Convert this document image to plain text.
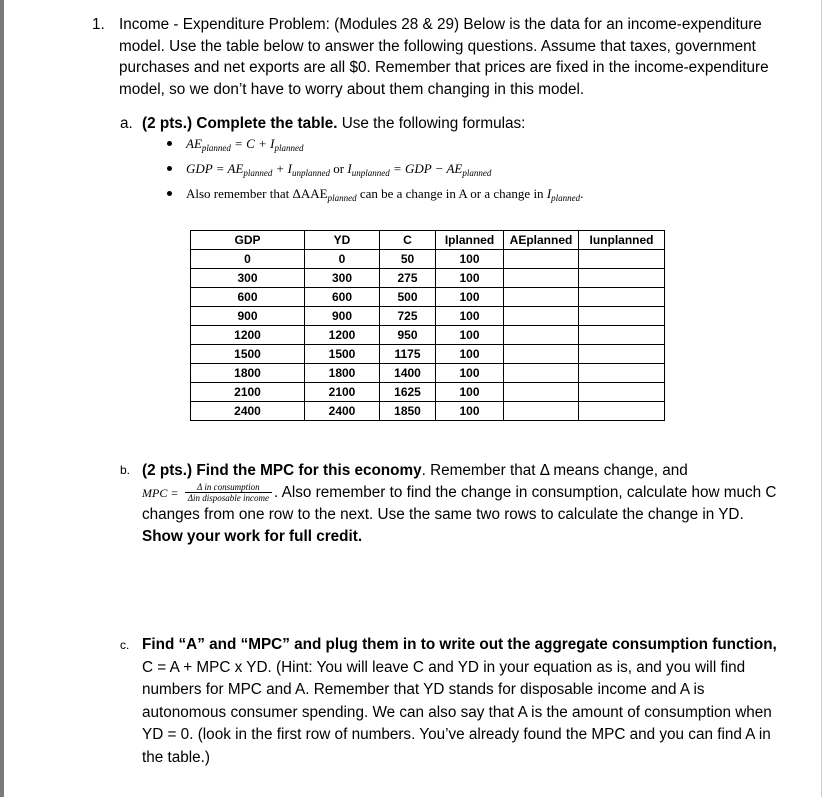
1. Income - Expenditure Problem: (Modules 28 & 29) Below is the data for an income-expenditure model. Use the table below to answer the following questions. Assume that taxes, government purchases and net exports are all $0. Remember that prices are fixed in the income-expenditure model, so we don’t have to worry about them changing in this model.
a. (2 pts.) Complete the table. Use the following formulas:
$AE_{planned} = C + I_{planned}$
GDP = $AE_{planned} + I_{unplanned}$ or $I_{unplanned}$ = GDP − $AE_{planned}$
Also remember that $\Delta AAE_{planned}$ can be a change in A or a change in $I_{planned}$.
GDP	YD	C	Iplanned	AEplanned	Iunplanned
0	0	50	100		
300	300	275	100		
600	600	500	100		
900	900	725	100		
1200	1200	950	100		
1500	1500	1175	100		
1800	1800	1400	100		
2100	2100	1625	100		
2400	2400	1850	100		
b. (2 pts.) Find the MPC for this economy. Remember that Δ means change, and
MPC = $\frac{\text{Δ in consumption}}{\text{Δin disposable income}}$ . Also remember to find the change in consumption, calculate how much C changes from one row to the next. Use the same two rows to calculate the change in YD. Show your work for full credit.
c. Find “A” and “MPC” and plug them in to write out the aggregate consumption function,
C = A + MPC x YD. (Hint: You will leave C and YD in your equation as is, and you will find numbers for MPC and A. Remember that YD stands for disposable income and A is autonomous consumer spending. We can also say that A is the amount of consumption when YD = 0. (look in the first row of numbers. You’ve already found the MPC and you can find A in the table.)
